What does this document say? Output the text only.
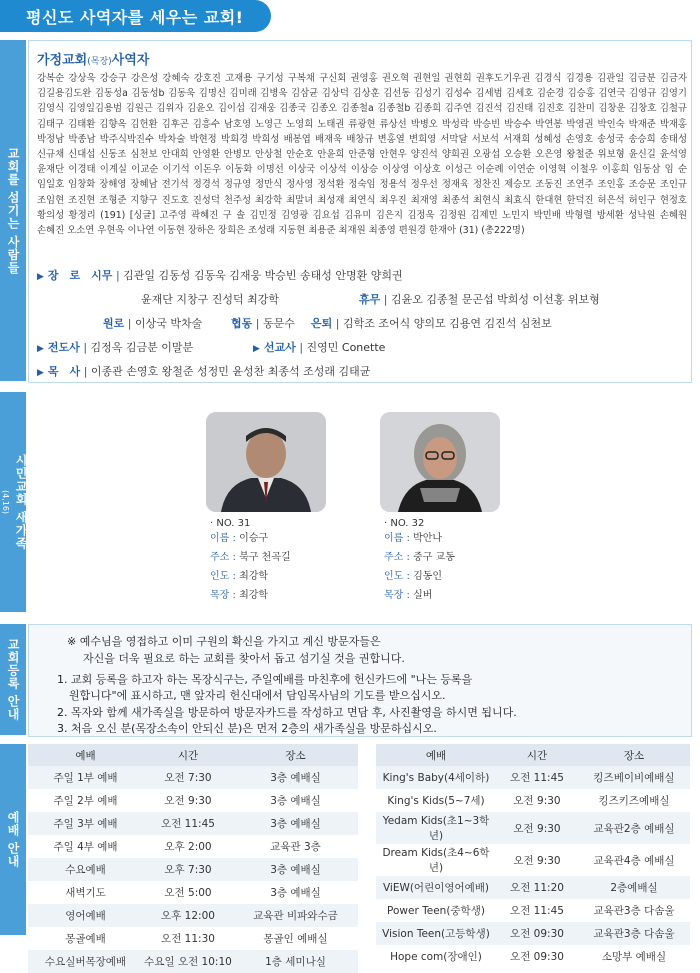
평신도 사역자를 세우는 교회!
교회를 섬기는 사람들
시민교회 새가족
(4,16)
교회등록 안내
예배 안내
가정교회(목장)사역자
강복순 강상욱 강승구 강은성 강혜숙 강호진 고재용 구기성 구복채 구신회 권영홍 권오혁 권현일 권현희 권후도기우권 김경식 김경용 김관일 김금분 김금자 김길용김도완 김동성a 김동성b 김동욱 김명신 김미래 김병욱 김삼균 김상덕 김상훈 김선동 김성기 김성수 김세범 김세호 김순경 김승홍 김연국 김영규 김영기 김영식 김영일김용범 김원근 김위자 김윤오 김이섭 김재웅 김종국 김종오 김종철a 김종철b 김종희 김주연 김진석 김진태 김진호 김찬미 김창운 김창호 김철규 김태구 김태환 김향옥 김헌환 김후곤 김흥수 남호영 노영근 노영희 노태권 류광현 류상선 박병오 박성락 박승빈 박승수 박연봉 박영권 박인숙 박재준 박재홍 박정남 박종남 박주식박진수 박차술 박현정 박희경 박희성 배봉엽 배재욱 배창규 변홍열 변희영 서막달 서보석 서재희 성혜성 손영호 송성국 송승희 송태성 신규채 신대섭 신동조 심천보 안대희 안영환 안병모 안상철 안순호 안윤희 안준형 안현우 양진석 양희권 오광섭 오승환 오은영 왕철준 위보형 윤신길 윤석영 윤재단 이경태 이계실 이교순 이기석 이돈우 이동화 이명선 이상국 이상석 이상승 이상영 이상호 이성근 이순례 이연순 이영혁 이철우 이홍희 임동삼 임 순 임일호 임창화 장해영 장혜남 전기석 정경석 정규영 정만식 정사영 정석환 정숙임 정용석 정우선 정재육 정찬진 제승모 조동진 조연주 조인홍 조승문 조인규 조임현 조진현 조형준 지향구 진도호 진성덕 천주성 최강학 최말녀 최성재 최연식 최우진 최재영 최종석 최현식 최효식 한대현 한덕진 허은석 허인구 현정호 황의성 황정리 (191) [싱글] 고주영 곽혜진 구 솔 김민정 김영광 김요섭 김유미 김은지 김정욱 김정원 김제민 노민지 박민배 박형렬 방세환 성낙원 손혜원 손혜진 오소연 우현욱 이나연 이동현 장하은 장희은 조성래 지동현 최용준 최재원 최종영 편원경 한재아 (31) (총222명)
▶ 장　로　시무 | 김관일 김동성 김동욱 김재웅 박승빈 송태성 안명환 양희권
윤재단 지창구 진성덕 최강학	휴무 | 김윤오 김종철 문곤섭 박희성 이선홍 위보형
원로 | 이상국 박차술	협동 | 동문수 은퇴 | 김학조 조어식 양의모 김용연 김진석 심천보
▶ 전도사 | 김정옥 김금분 이말분	▶ 선교사 | 진영민 Conette
▶ 목　사 | 이종관 손영호 왕철준 성정민 윤성찬 최종석 조성래 김태균
· NO. 31
이름 : 이승구
주소 : 북구 천곡길
인도 : 최강학
목장 : 최강학
· NO. 32
이름 : 박안나
주소 : 중구 교동
인도 : 김동인
목장 : 실버

※ 예수님을 영접하고 이미 구원의 확신을 가지고 계신 방문자들은

자신을 더욱 필요로 하는 교회를 찾아서 돕고 섬기실 것을 권합니다.

1. 교회 등록을 하고자 하는 목장식구는, 주일예배를 마친후에 헌신카드에 "나는 등록을

원합니다"에 표시하고, 맨 앞자리 헌신대에서 담임목사님의 기도를 받으십시오.

2. 목자와 함께 새가족실을 방문하여 방문자카드를 작성하고 면담 후, 사진촬영을 하시면 됩니다.

3. 처음 오신 분(목장소속이 안되신 분)은 먼저 2층의 새가족실을 방문하십시오.

예배	시간	장소
주일 1부 예배	오전 7:30	3층 예배실
주일 2부 예배	오전 9:30	3층 예배실
주일 3부 예배	오전 11:45	3층 예배실
주일 4부 예배	오후 2:00	교육관 3층
수요예배	오후 7:30	3층 예배실
새벽기도	오전 5:00	3층 예배실
영어예배	오후 12:00	교육관 비파와수금
몽골예배	오전 11:30	몽골인 예배실
수요실버목장예배	수요일 오전 10:10	1층 세미나실
예배	시간	장소
King's Baby(4세이하)	오전 11:45	킹즈베이비예배실
King's Kids(5~7세)	오전 9:30	킹즈키즈예배실
Yedam Kids(초1~3학년)	오전 9:30	교육관2층 예배실
Dream Kids(초4~6학년)	오전 9:30	교육관4층 예배실
ViEW(어린이영어예배)	오전 11:20	2층예배실
Power Teen(중학생)	오전 11:45	교육관3층 다솜울
Vision Teen(고등학생)	오전 09:30	교육관3층 다솜울
Hope com(장애인)	오전 09:30	소망부 예배실
